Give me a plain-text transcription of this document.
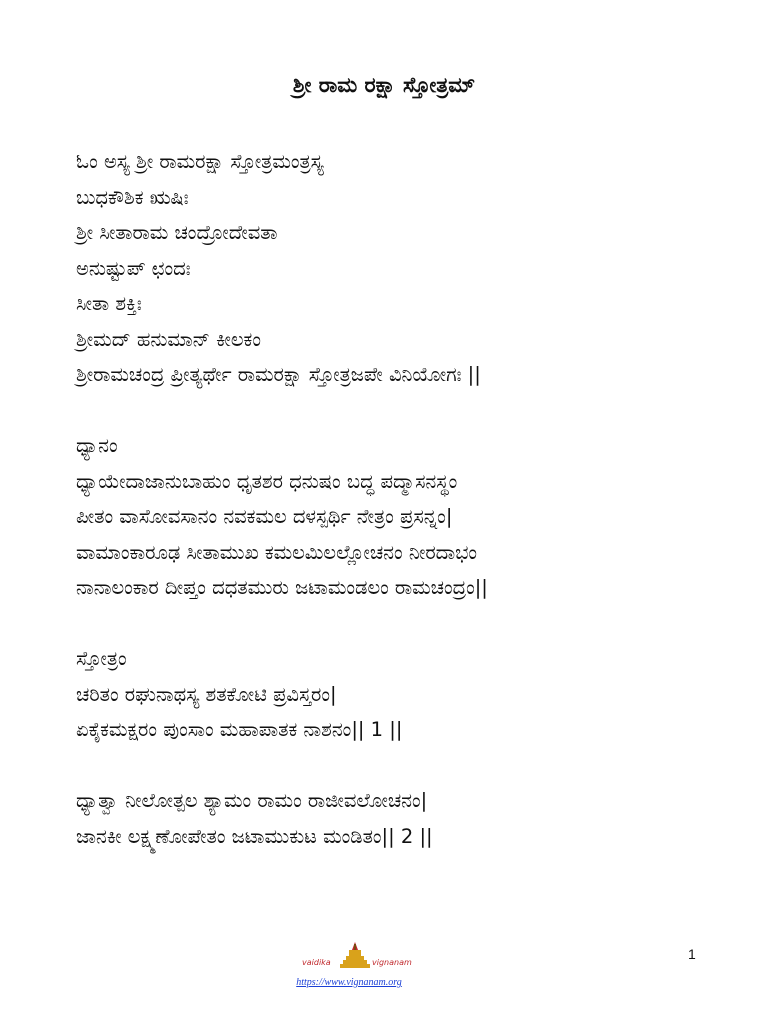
ಶ್ರೀ ರಾಮ ರಕ್ಷಾ ಸ್ತೋತ್ರಮ್
ಓಂ ಅಸ್ಯ ಶ್ರೀ ರಾಮರಕ್ಷಾ ಸ್ತೋತ್ರಮಂತ್ರಸ್ಯ
ಬುಧಕೌಶಿಕ ಋಷಿಃ
ಶ್ರೀ ಸೀತಾರಾಮ ಚಂದ್ರೋದೇವತಾ
ಅನುಷ್ಟುಪ್ ಛಂದಃ
ಸೀತಾ ಶಕ್ತಿಃ
ಶ್ರೀಮದ್ ಹನುಮಾನ್ ಕೀಲಕಂ
ಶ್ರೀರಾಮಚಂದ್ರ ಪ್ರೀತ್ಯರ್ಥೇ ರಾಮರಕ್ಷಾ ಸ್ತೋತ್ರಜಪೇ ವಿನಿಯೋಗಃ ||
ಧ್ಯಾನಂ
ಧ್ಯಾಯೇದಾಜಾನುಬಾಹುಂ ಧೃತಶರ ಧನುಷಂ ಬದ್ಧ ಪದ್ಮಾಸನಸ್ಥಂ
ಪೀತಂ ವಾಸೋವಸಾನಂ ನವಕಮಲ ದಳಸ್ಪರ್ಥಿ ನೇತ್ರಂ ಪ್ರಸನ್ನಂ|
ವಾಮಾಂಕಾರೂಢ ಸೀತಾಮುಖ ಕಮಲಮಿಲಲ್ಲೋಚನಂ ನೀರದಾಭಂ
ನಾನಾಲಂಕಾರ ದೀಪ್ತಂ ದಧತಮುರು ಜಟಾಮಂಡಲಂ ರಾಮಚಂದ್ರಂ||
ಸ್ತೋತ್ರಂ
ಚರಿತಂ ರಘುನಾಥಸ್ಯ ಶತಕೋಟಿ ಪ್ರವಿಸ್ತರಂ|
ಏಕೈಕಮಕ್ಷರಂ ಪುಂಸಾಂ ಮಹಾಪಾತಕ ನಾಶನಂ|| 1 ||
ಧ್ಯಾತ್ವಾ ನೀಲೋತ್ಪಲ ಶ್ಯಾಮಂ ರಾಮಂ ರಾಜೀವಲೋಚನಂ|
ಜಾನಕೀ ಲಕ್ಷ್ಮಣೋಪೇತಂ ಜಟಾಮುಕುಟ ಮಂಡಿತಂ|| 2 ||
vaidika	vignanam
https://www.vignanam.org
1
